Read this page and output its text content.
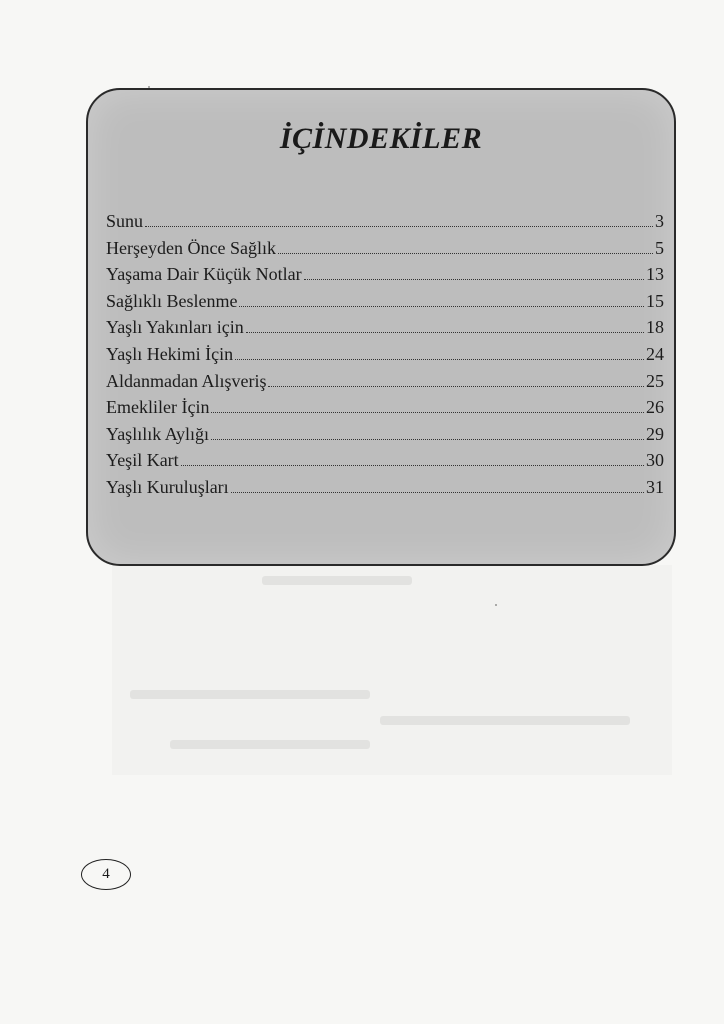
İÇİNDEKİLER
Sunu	3
Herşeyden Önce Sağlık	5
Yaşama Dair Küçük Notlar	13
Sağlıklı Beslenme	15
Yaşlı Yakınları için	18
Yaşlı Hekimi İçin	24
Aldanmadan Alışveriş	25
Emekliler İçin	26
Yaşlılık Aylığı	29
Yeşil Kart	30
Yaşlı Kuruluşları	31
4
